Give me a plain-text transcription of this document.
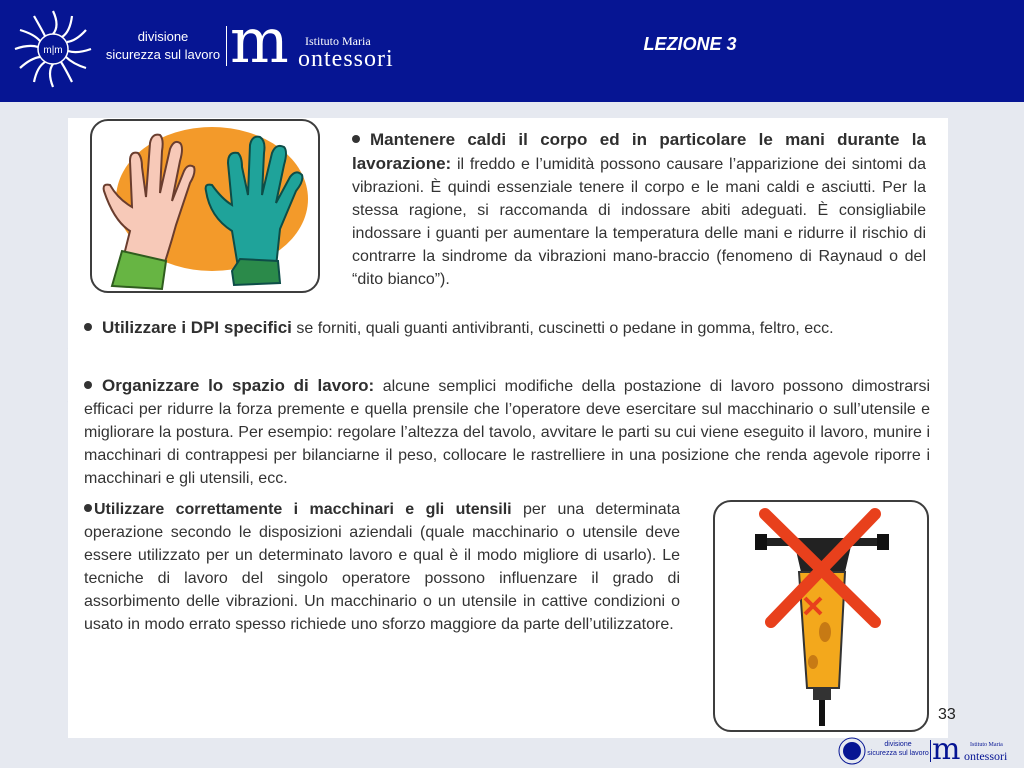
m|m
divisione
sicurezza sul lavoro m Istituto Maria
ontessori
LEZIONE 3

Mantenere caldi il corpo ed in particolare le mani durante la lavorazione: il freddo e l’umidità possono causare l’apparizione dei sintomi da vibrazioni. È quindi essenziale tenere il corpo e le mani caldi e asciutti. Per la stessa ragione, si raccomanda di indossare abiti adeguati. È consigliabile indossare i guanti per aumentare la temperatura delle mani e ridurre il rischio di contrarre la sindrome da vibrazioni mano-braccio (fenomeno di Raynaud o del “dito bianco”).

Utilizzare i DPI specifici se forniti, quali guanti antivibranti, cuscinetti o pedane in gomma, feltro, ecc.

Organizzare lo spazio di lavoro: alcune semplici modifiche della postazione di lavoro possono dimostrarsi efficaci per ridurre la forza premente e quella prensile che l’operatore deve esercitare sul macchinario o sull’utensile e migliorare la postura. Per esempio: regolare l’altezza del tavolo, avvitare le parti su cui viene eseguito il lavoro, munire i macchinari di contrappesi per bilanciarne il peso, collocare le rastrelliere in una posizione che renda agevole riporre i macchinari e gli utensili, ecc.

Utilizzare correttamente i macchinari e gli utensili per una determinata operazione secondo le disposizioni aziendali (quale macchinario o utensile deve essere utilizzato per un determinato lavoro e qual è il modo migliore di usarlo). Le tecniche di lavoro del singolo operatore possono influenzare il grado di assorbimento delle vibrazioni. Un macchinario o un utensile in cattive condizioni o usato in modo errato spesso richiede uno sforzo maggiore da parte dell’utilizzatore.

33
divisione
sicurezza sul lavoro m Istituto Maria
ontessori
